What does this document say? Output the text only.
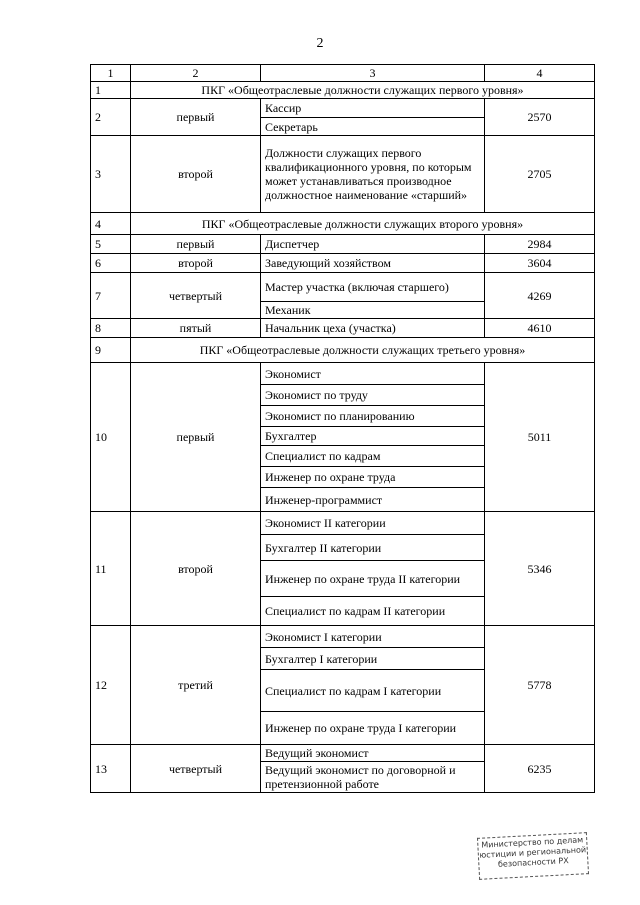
2
1	2	3	4
1	ПКГ «Общеотраслевые должности служащих первого уровня»		
2	первый	Кассир	2570
		Секретарь	
3	второй	Должности служащих первого квалификационного уровня, по которым может устанавливаться производное должностное наименование «старший»	2705
4	ПКГ «Общеотраслевые должности служащих второго уровня»		
5	первый	Диспетчер	2984
6	второй	Заведующий хозяйством	3604
7	четвертый	Мастер участка (включая старшего)	4269
		Механик	
8	пятый	Начальник цеха (участка)	4610
9	ПКГ «Общеотраслевые должности служащих третьего уровня»		
10	первый	Экономист	5011
		Экономист по труду	
		Экономист по планированию	
		Бухгалтер	
		Специалист по кадрам	
		Инженер по охране труда	
		Инженер-программист	
11	второй	Экономист II категории	5346
		Бухгалтер II категории	
		Инженер по охране труда II категории	
		Специалист по кадрам II категории	
12	третий	Экономист I категории	5778
		Бухгалтер I категории	
		Специалист по кадрам I категории	
		Инженер по охране труда I категории	
13	четвертый	Ведущий экономист	6235
		Ведущий экономист по договорной и претензионной работе	
Министерство по делам юстиции и региональной безопасности РХ
